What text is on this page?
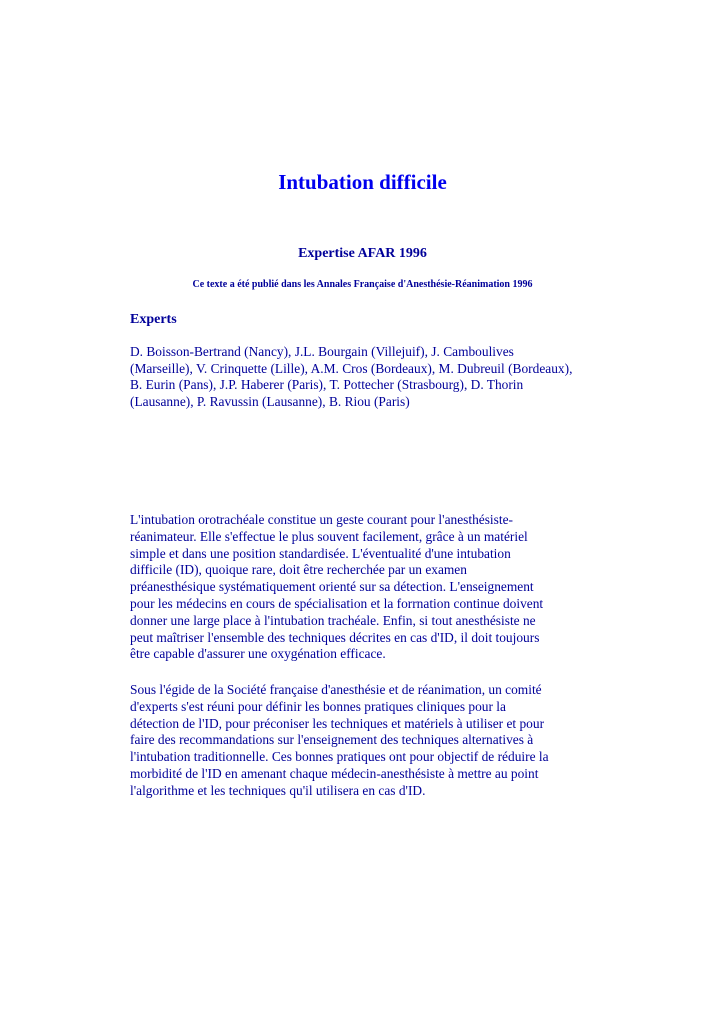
Intubation difficile
Expertise AFAR 1996

Ce texte a été publié dans les Annales Française d'Anesthésie-Réanimation 1996

Experts

D. Boisson-Bertrand (Nancy), J.L. Bourgain (Villejuif), J. Camboulives (Marseille), V. Crinquette (Lille), A.M. Cros (Bordeaux), M. Dubreuil (Bordeaux), B. Eurin (Pans), J.P. Haberer (Paris), T. Pottecher (Strasbourg), D. Thorin (Lausanne), P. Ravussin (Lausanne), B. Riou (Paris)

L'intubation orotrachéale constitue un geste courant pour l'anesthésiste-réanimateur. Elle s'effectue le plus souvent facilement, grâce à un matériel simple et dans une position standardisée. L'éventualité d'une intubation difficile (ID), quoique rare, doit être recherchée par un examen préanesthésique systématiquement orienté sur sa détection. L'enseignement pour les médecins en cours de spécialisation et la forrnation continue doivent donner une large place à l'intubation trachéale. Enfin, si tout anesthésiste ne peut maîtriser l'ensemble des techniques décrites en cas d'ID, il doit toujours être capable d'assurer une oxygénation efficace.

Sous l'égide de la Société française d'anesthésie et de réanimation, un comité d'experts s'est réuni pour définir les bonnes pratiques cliniques pour la détection de l'ID, pour préconiser les techniques et matériels à utiliser et pour faire des recommandations sur l'enseignement des techniques alternatives à l'intubation traditionnelle. Ces bonnes pratiques ont pour objectif de réduire la morbidité de l'ID en amenant chaque médecin-anesthésiste à mettre au point l'algorithme et les techniques qu'il utilisera en cas d'ID.
